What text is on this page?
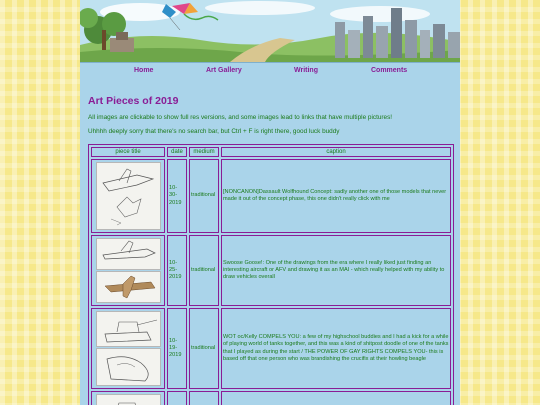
Home	Art Gallery	Writing	Comments
Art Pieces of 2019

All images are clickable to show full res versions, and some images lead to links that have multiple pictures!

Uhhhh deeply sorry that there's no search bar, but Ctrl + F is right there, good luck buddy

piece title	date	medium	caption

	10-30-2019	traditional	[NONCANON]Dassault Wolfhound Concept: sadly another one of those models that never made it out of the concept phase, this one didn't really click with me

	10-25-2019	traditional	Swoose Goose!: One of the drawings from the era where I really liked just finding an interesting aircraft or AFV and drawing it as an MAI - which really helped with my ability to draw vehicles overall

	10-19-2019	traditional	WOT oc/Kelly COMPELS YOU: a few of my highschool buddies and I had a kick for a while of playing world of tanks together, and this was a kind of shitpost doodle of one of the tanks that I played as during the start / THE POWER OF GAY RIGHTS COMPELS YOU- this is based off that one person who was brandishing the crucifix at their howling beagle
